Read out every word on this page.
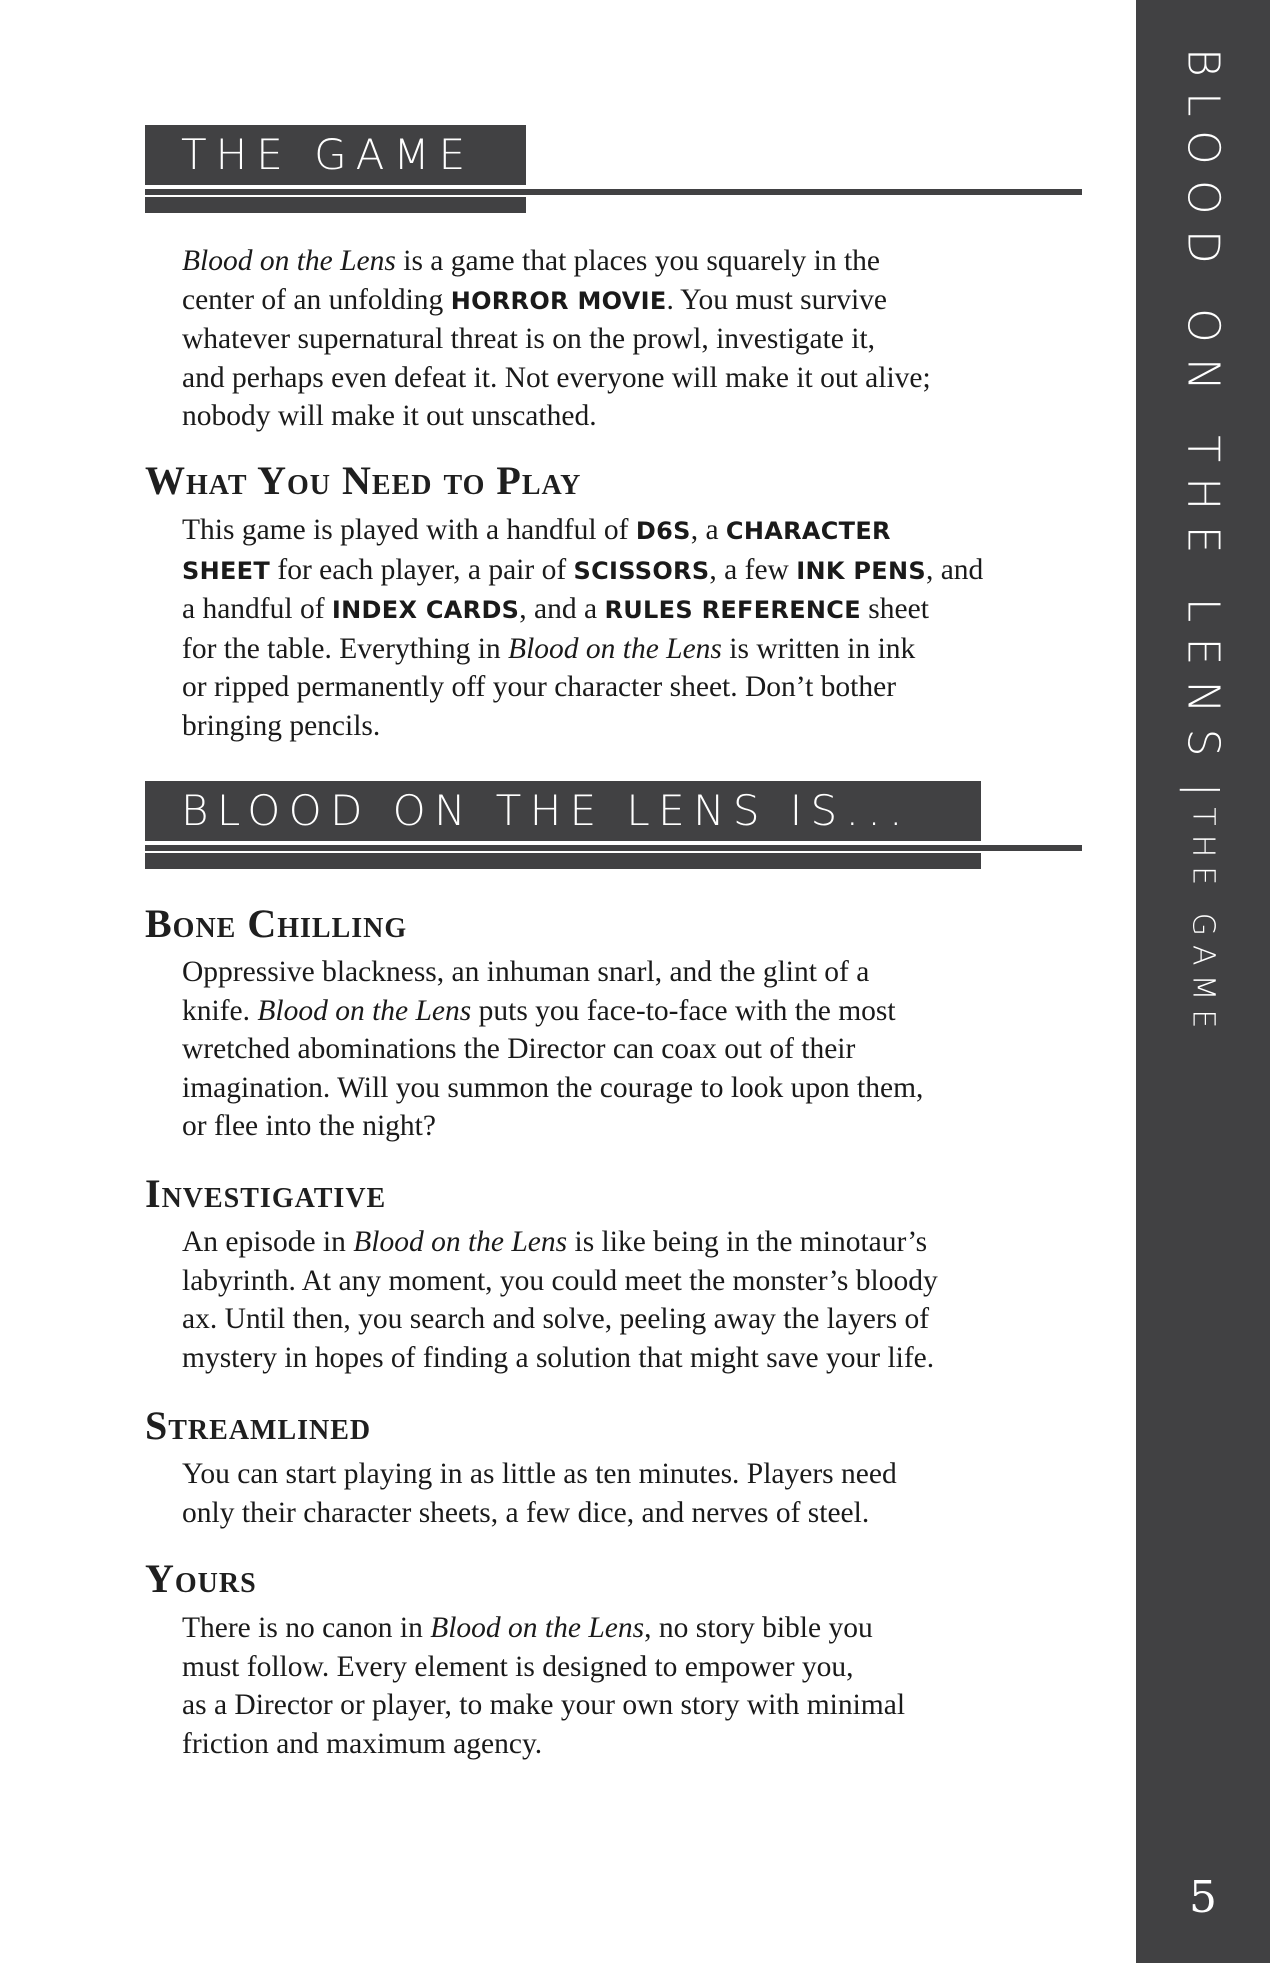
BLOOD ON THE LENS | THE GAME
5
THE GAME

Blood on the Lens is a game that places you squarely in the
center of an unfolding HORROR MOVIE. You must survive
whatever supernatural threat is on the prowl, investigate it,
and perhaps even defeat it. Not everyone will make it out alive;
nobody will make it out unscathed.

What You Need to Play

This game is played with a handful of D6S, a CHARACTER
SHEET for each player, a pair of SCISSORS, a few INK PENS, and
a handful of INDEX CARDS, and a RULES REFERENCE sheet
for the table. Everything in Blood on the Lens is written in ink
or ripped permanently off your character sheet. Don’t bother
bringing pencils.

BLOOD ON THE LENS IS...
Bone Chilling

Oppressive blackness, an inhuman snarl, and the glint of a
knife. Blood on the Lens puts you face-to-face with the most
wretched abominations the Director can coax out of their
imagination. Will you summon the courage to look upon them,
or flee into the night?

Investigative

An episode in Blood on the Lens is like being in the minotaur’s
labyrinth. At any moment, you could meet the monster’s bloody
ax. Until then, you search and solve, peeling away the layers of
mystery in hopes of finding a solution that might save your life.

Streamlined

You can start playing in as little as ten minutes. Players need
only their character sheets, a few dice, and nerves of steel.

Yours

There is no canon in Blood on the Lens, no story bible you
must follow. Every element is designed to empower you,
as a Director or player, to make your own story with minimal
friction and maximum agency.
